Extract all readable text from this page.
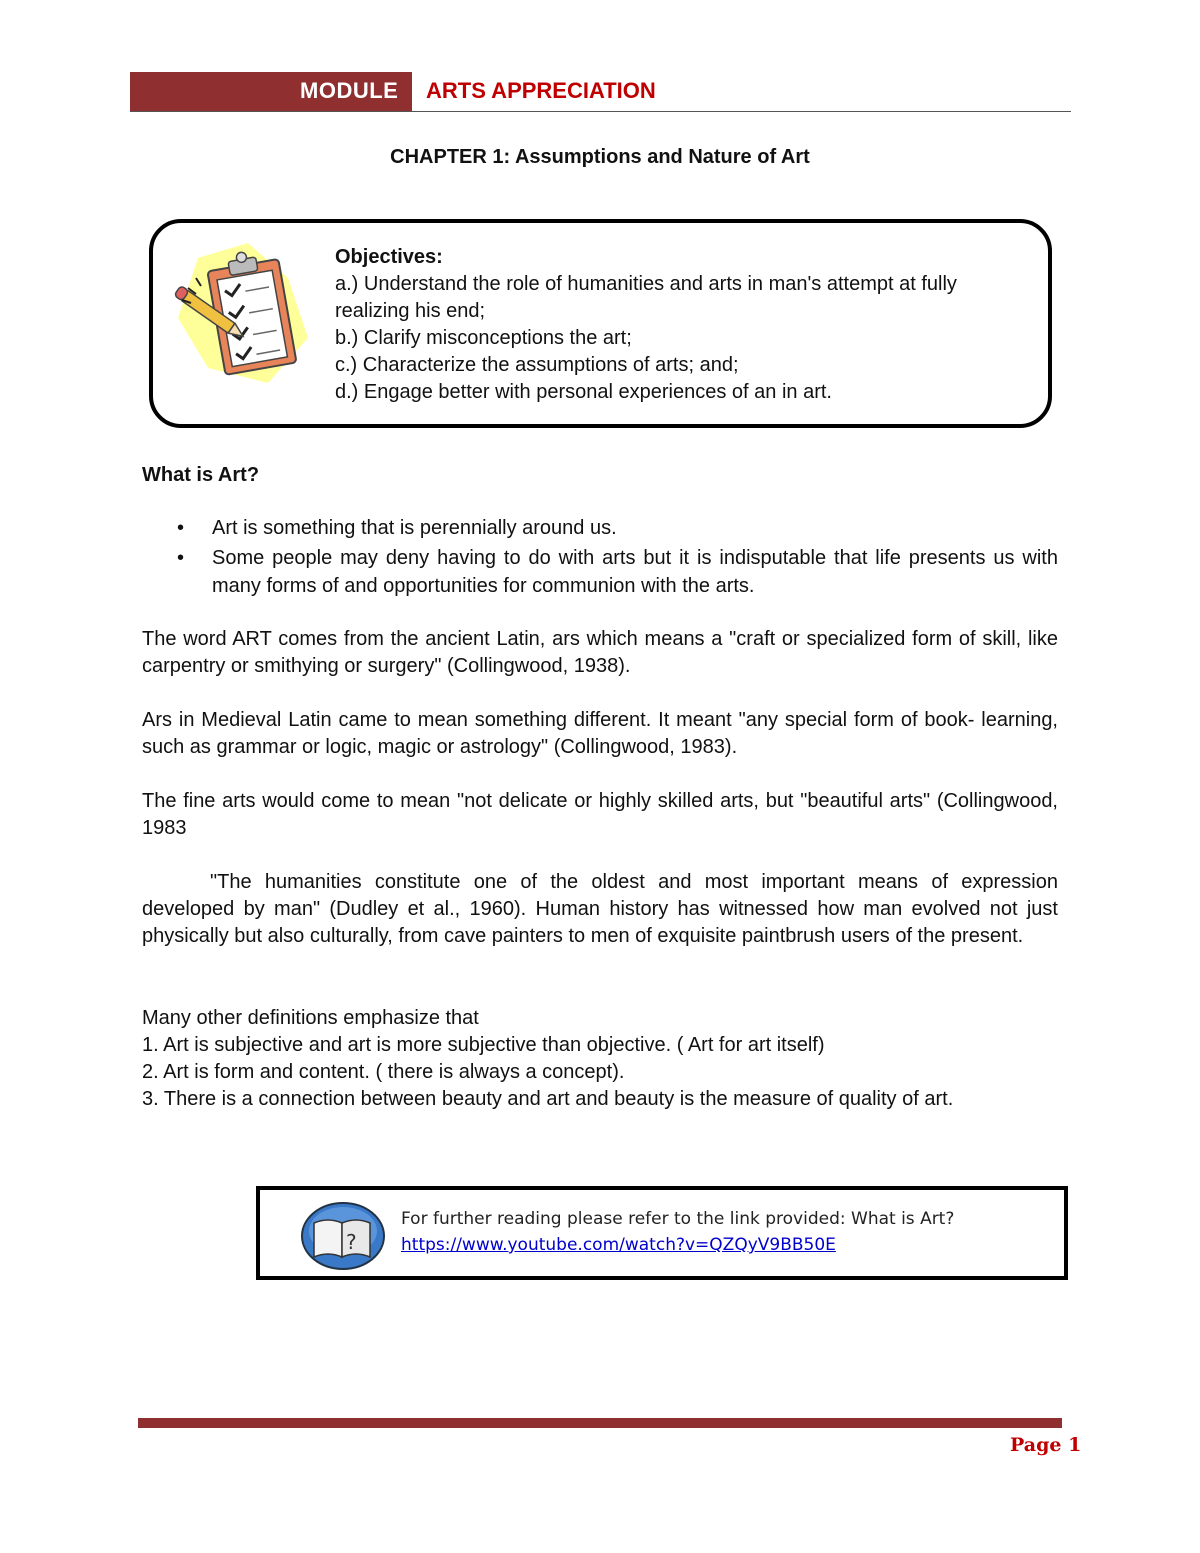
MODULE ARTS APPRECIATION
CHAPTER 1: Assumptions and Nature of Art
Objectives:
a.) Understand the role of humanities and arts in man's attempt at fully realizing his end;
b.) Clarify misconceptions the art;
c.) Characterize the assumptions of arts; and;
d.) Engage better with personal experiences of an in art.
What is Art?
• Art is something that is perennially around us.
• Some people may deny having to do with arts but it is indisputable that life presents us with many forms of and opportunities for communion with the arts.
The word ART comes from the ancient Latin, ars which means a "craft or specialized form of skill, like carpentry or smithying or surgery" (Collingwood, 1938).
Ars in Medieval Latin came to mean something different. It meant "any special form of book- learning, such as grammar or logic, magic or astrology" (Collingwood, 1983).
The fine arts would come to mean "not delicate or highly skilled arts, but "beautiful arts" (Collingwood, 1983
"The humanities constitute one of the oldest and most important means of expression developed by man" (Dudley et al., 1960). Human history has witnessed how man evolved not just physically but also culturally, from cave painters to men of exquisite paintbrush users of the present.
Many other definitions emphasize that
1. Art is subjective and art is more subjective than objective. ( Art for art itself)
2. Art is form and content. ( there is always a concept).
3. There is a connection between beauty and art and beauty is the measure of quality of art.
?
For further reading please refer to the link provided: What is Art?
https://www.youtube.com/watch?v=QZQyV9BB50E
Page 1
